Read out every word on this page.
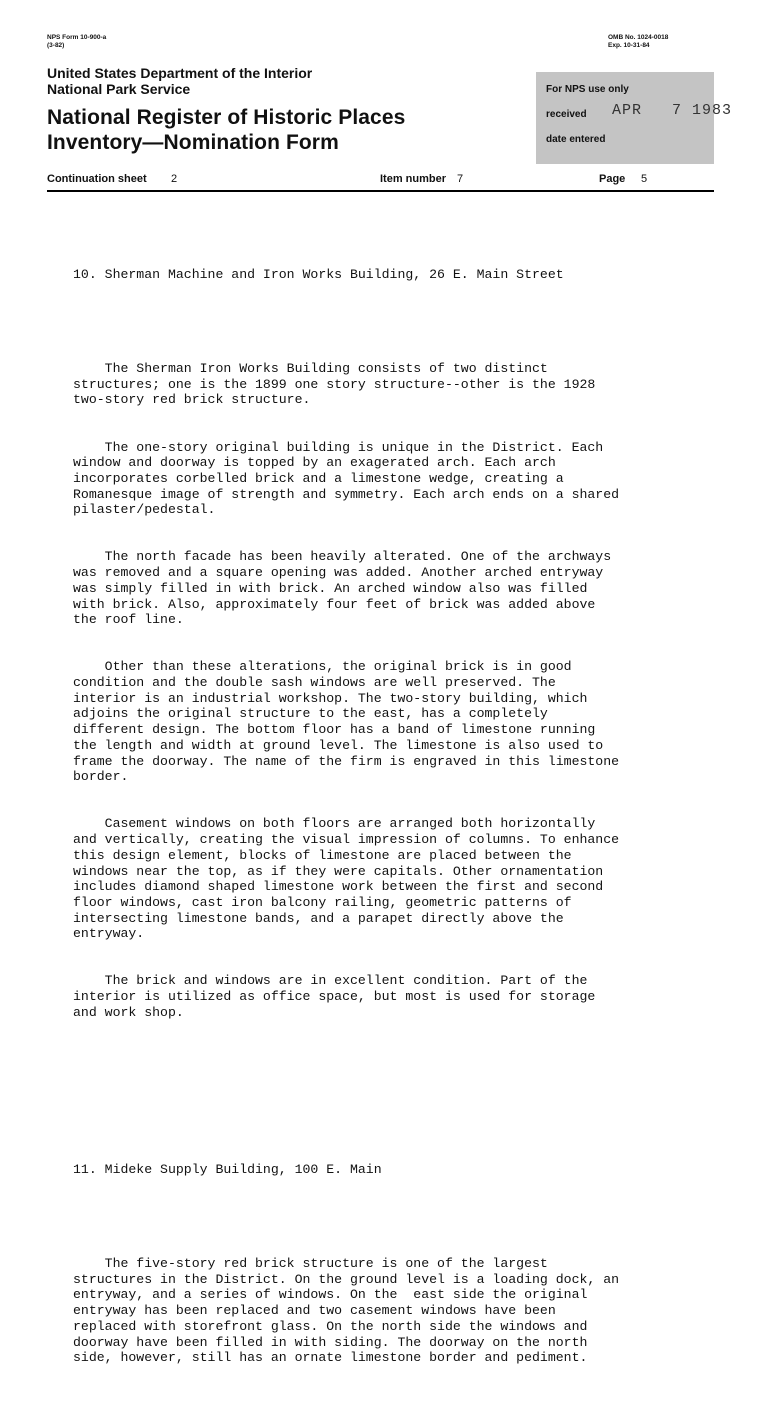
NPS Form 10-900-a
(3-82)
OMB No. 1024-0018
Exp. 10-31-84
United States Department of the Interior
National Park Service
National Register of Historic Places
Inventory—Nomination Form
For NPS use only
received APR   7 1983
date entered
Continuation sheet 2	Item number 7	Page 5

10. Sherman Machine and Iron Works Building, 26 E. Main Street

The Sherman Iron Works Building consists of two distinct
structures; one is the 1899 one story structure--other is the 1928
two-story red brick structure.

The one-story original building is unique in the District. Each
window and doorway is topped by an exagerated arch. Each arch
incorporates corbelled brick and a limestone wedge, creating a
Romanesque image of strength and symmetry. Each arch ends on a shared
pilaster/pedestal.

The north facade has been heavily alterated. One of the archways
was removed and a square opening was added. Another arched entryway
was simply filled in with brick. An arched window also was filled
with brick. Also, approximately four feet of brick was added above
the roof line.

Other than these alterations, the original brick is in good
condition and the double sash windows are well preserved. The
interior is an industrial workshop. The two-story building, which
adjoins the original structure to the east, has a completely
different design. The bottom floor has a band of limestone running
the length and width at ground level. The limestone is also used to
frame the doorway. The name of the firm is engraved in this limestone
border.

Casement windows on both floors are arranged both horizontally
and vertically, creating the visual impression of columns. To enhance
this design element, blocks of limestone are placed between the
windows near the top, as if they were capitals. Other ornamentation
includes diamond shaped limestone work between the first and second
floor windows, cast iron balcony railing, geometric patterns of
intersecting limestone bands, and a parapet directly above the
entryway.

The brick and windows are in excellent condition. Part of the
interior is utilized as office space, but most is used for storage
and work shop.

11. Mideke Supply Building, 100 E. Main

The five-story red brick structure is one of the largest
structures in the District. On the ground level is a loading dock, an
entryway, and a series of windows. On the  east side the original
entryway has been replaced and two casement windows have been
replaced with storefront glass. On the north side the windows and
doorway have been filled in with siding. The doorway on the north
side, however, still has an ornate limestone border and pediment.
